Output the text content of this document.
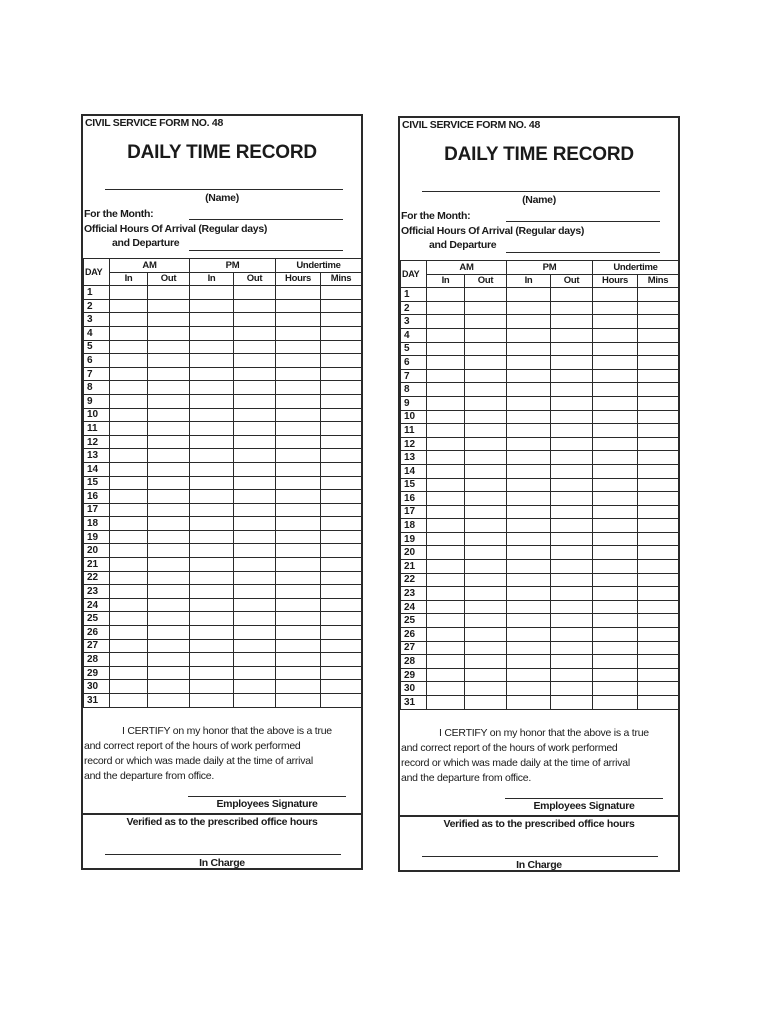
CIVIL SERVICE FORM NO. 48
DAILY TIME RECORD
(Name)
For the Month:
Official Hours Of Arrival (Regular days)
and Departure
DAY	AM		PM		Undertime	
	In	Out	In	Out	Hours	Mins
1						
2						
3						
4						
5						
6						
7						
8						
9						
10						
11						
12						
13						
14						
15						
16						
17						
18						
19						
20						
21						
22						
23						
24						
25						
26						
27						
28						
29						
30						
31						
I CERTIFY on my honor that the above is a true
and correct report of the hours of work performed
record or which was made daily at the time of arrival
and the departure from office.
Employees Signature
Verified as to the prescribed office hours
In Charge
CIVIL SERVICE FORM NO. 48
DAILY TIME RECORD
(Name)
For the Month:
Official Hours Of Arrival (Regular days)
and Departure
DAY	AM		PM		Undertime	
	In	Out	In	Out	Hours	Mins
1						
2						
3						
4						
5						
6						
7						
8						
9						
10						
11						
12						
13						
14						
15						
16						
17						
18						
19						
20						
21						
22						
23						
24						
25						
26						
27						
28						
29						
30						
31						
I CERTIFY on my honor that the above is a true
and correct report of the hours of work performed
record or which was made daily at the time of arrival
and the departure from office.
Employees Signature
Verified as to the prescribed office hours
In Charge
